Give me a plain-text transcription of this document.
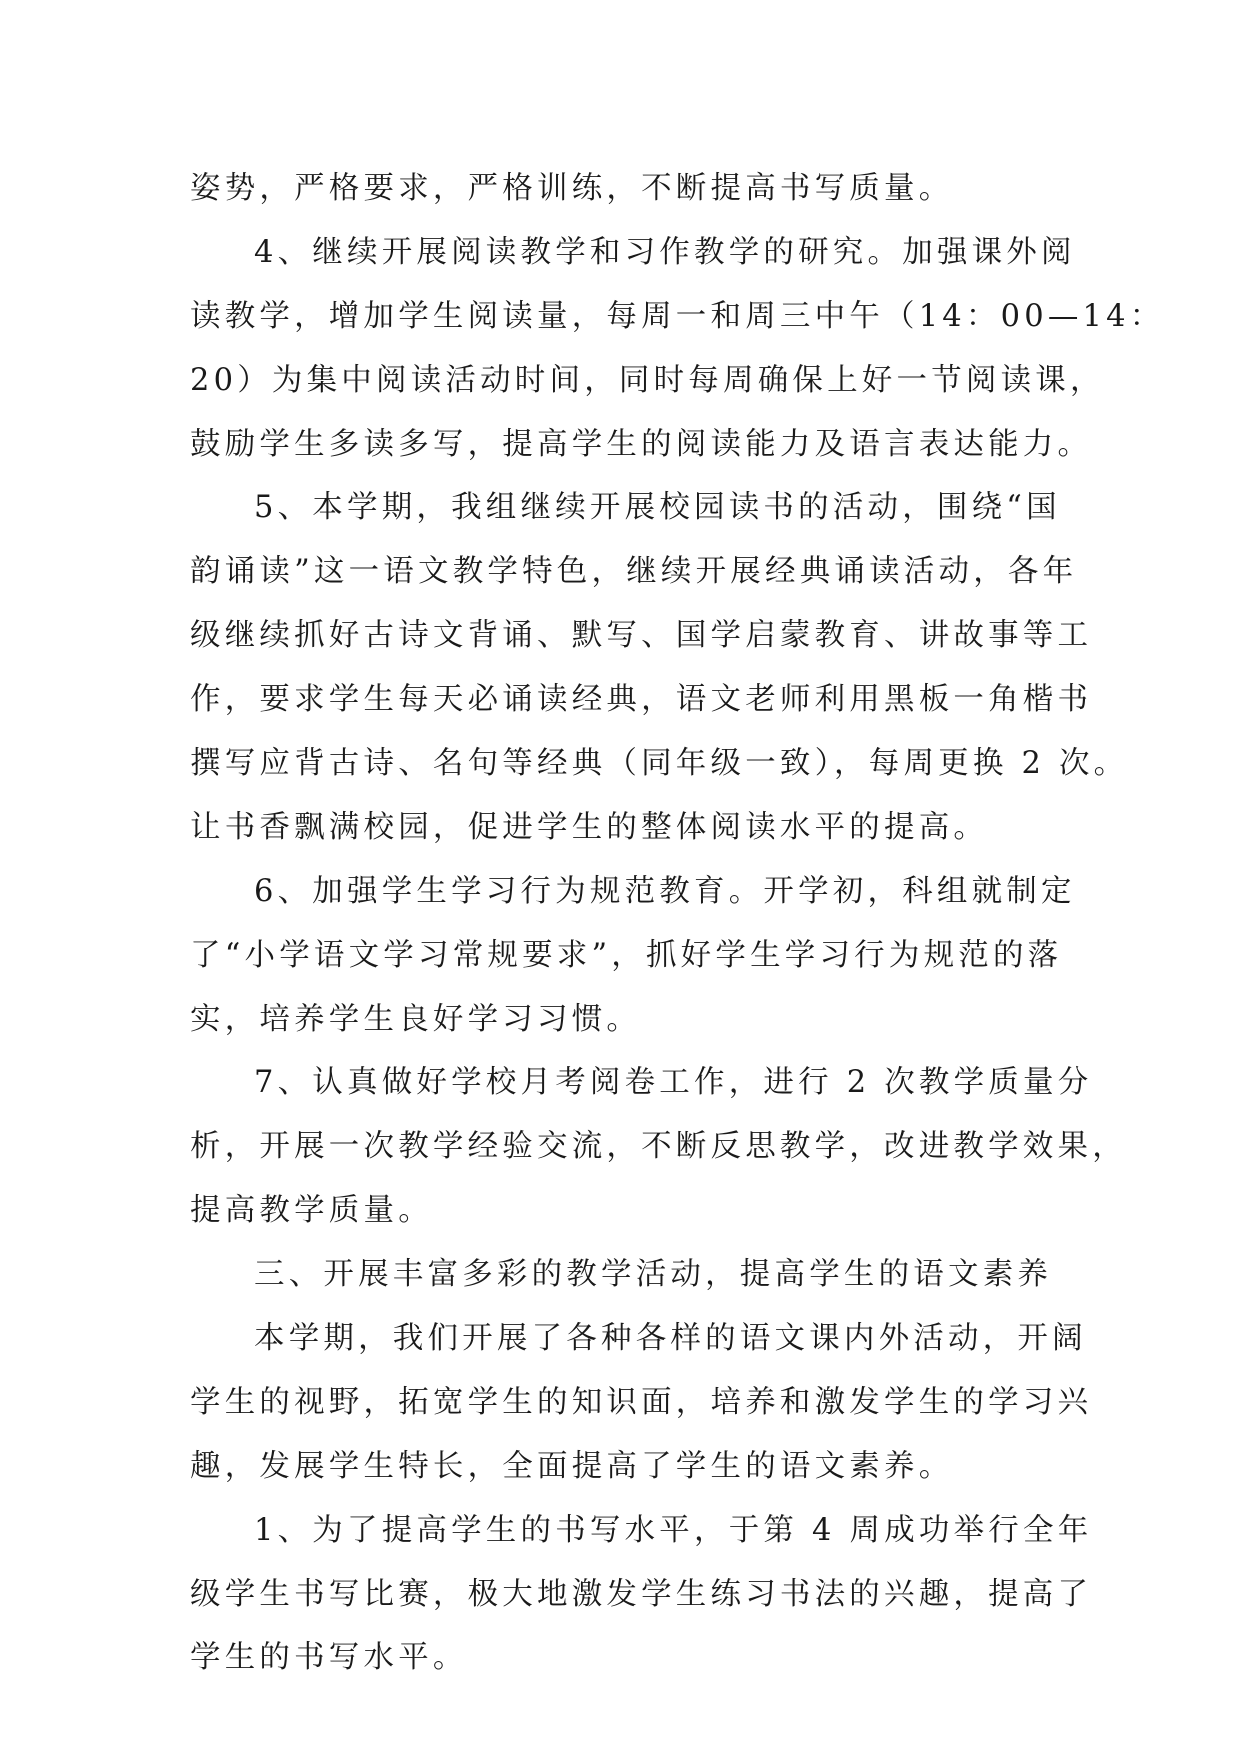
姿势，严格要求，严格训练，不断提高书写质量。
4、继续开展阅读教学和习作教学的研究。加强课外阅
读教学，增加学生阅读量，每周一和周三中午（14：00—14：
20）为集中阅读活动时间，同时每周确保上好一节阅读课，
鼓励学生多读多写，提高学生的阅读能力及语言表达能力。
5、本学期，我组继续开展校园读书的活动，围绕“国
韵诵读”这一语文教学特色，继续开展经典诵读活动，各年
级继续抓好古诗文背诵、默写、国学启蒙教育、讲故事等工
作，要求学生每天必诵读经典，语文老师利用黑板一角楷书
撰写应背古诗、名句等经典（同年级一致），每周更换 2 次。
让书香飘满校园，促进学生的整体阅读水平的提高。
6、加强学生学习行为规范教育。开学初，科组就制定
了“小学语文学习常规要求”，抓好学生学习行为规范的落
实，培养学生良好学习习惯。
7、认真做好学校月考阅卷工作，进行 2 次教学质量分
析，开展一次教学经验交流，不断反思教学，改进教学效果，
提高教学质量。
三、开展丰富多彩的教学活动，提高学生的语文素养
本学期，我们开展了各种各样的语文课内外活动，开阔
学生的视野，拓宽学生的知识面，培养和激发学生的学习兴
趣，发展学生特长，全面提高了学生的语文素养。
1、为了提高学生的书写水平，于第 4 周成功举行全年
级学生书写比赛，极大地激发学生练习书法的兴趣，提高了
学生的书写水平。
